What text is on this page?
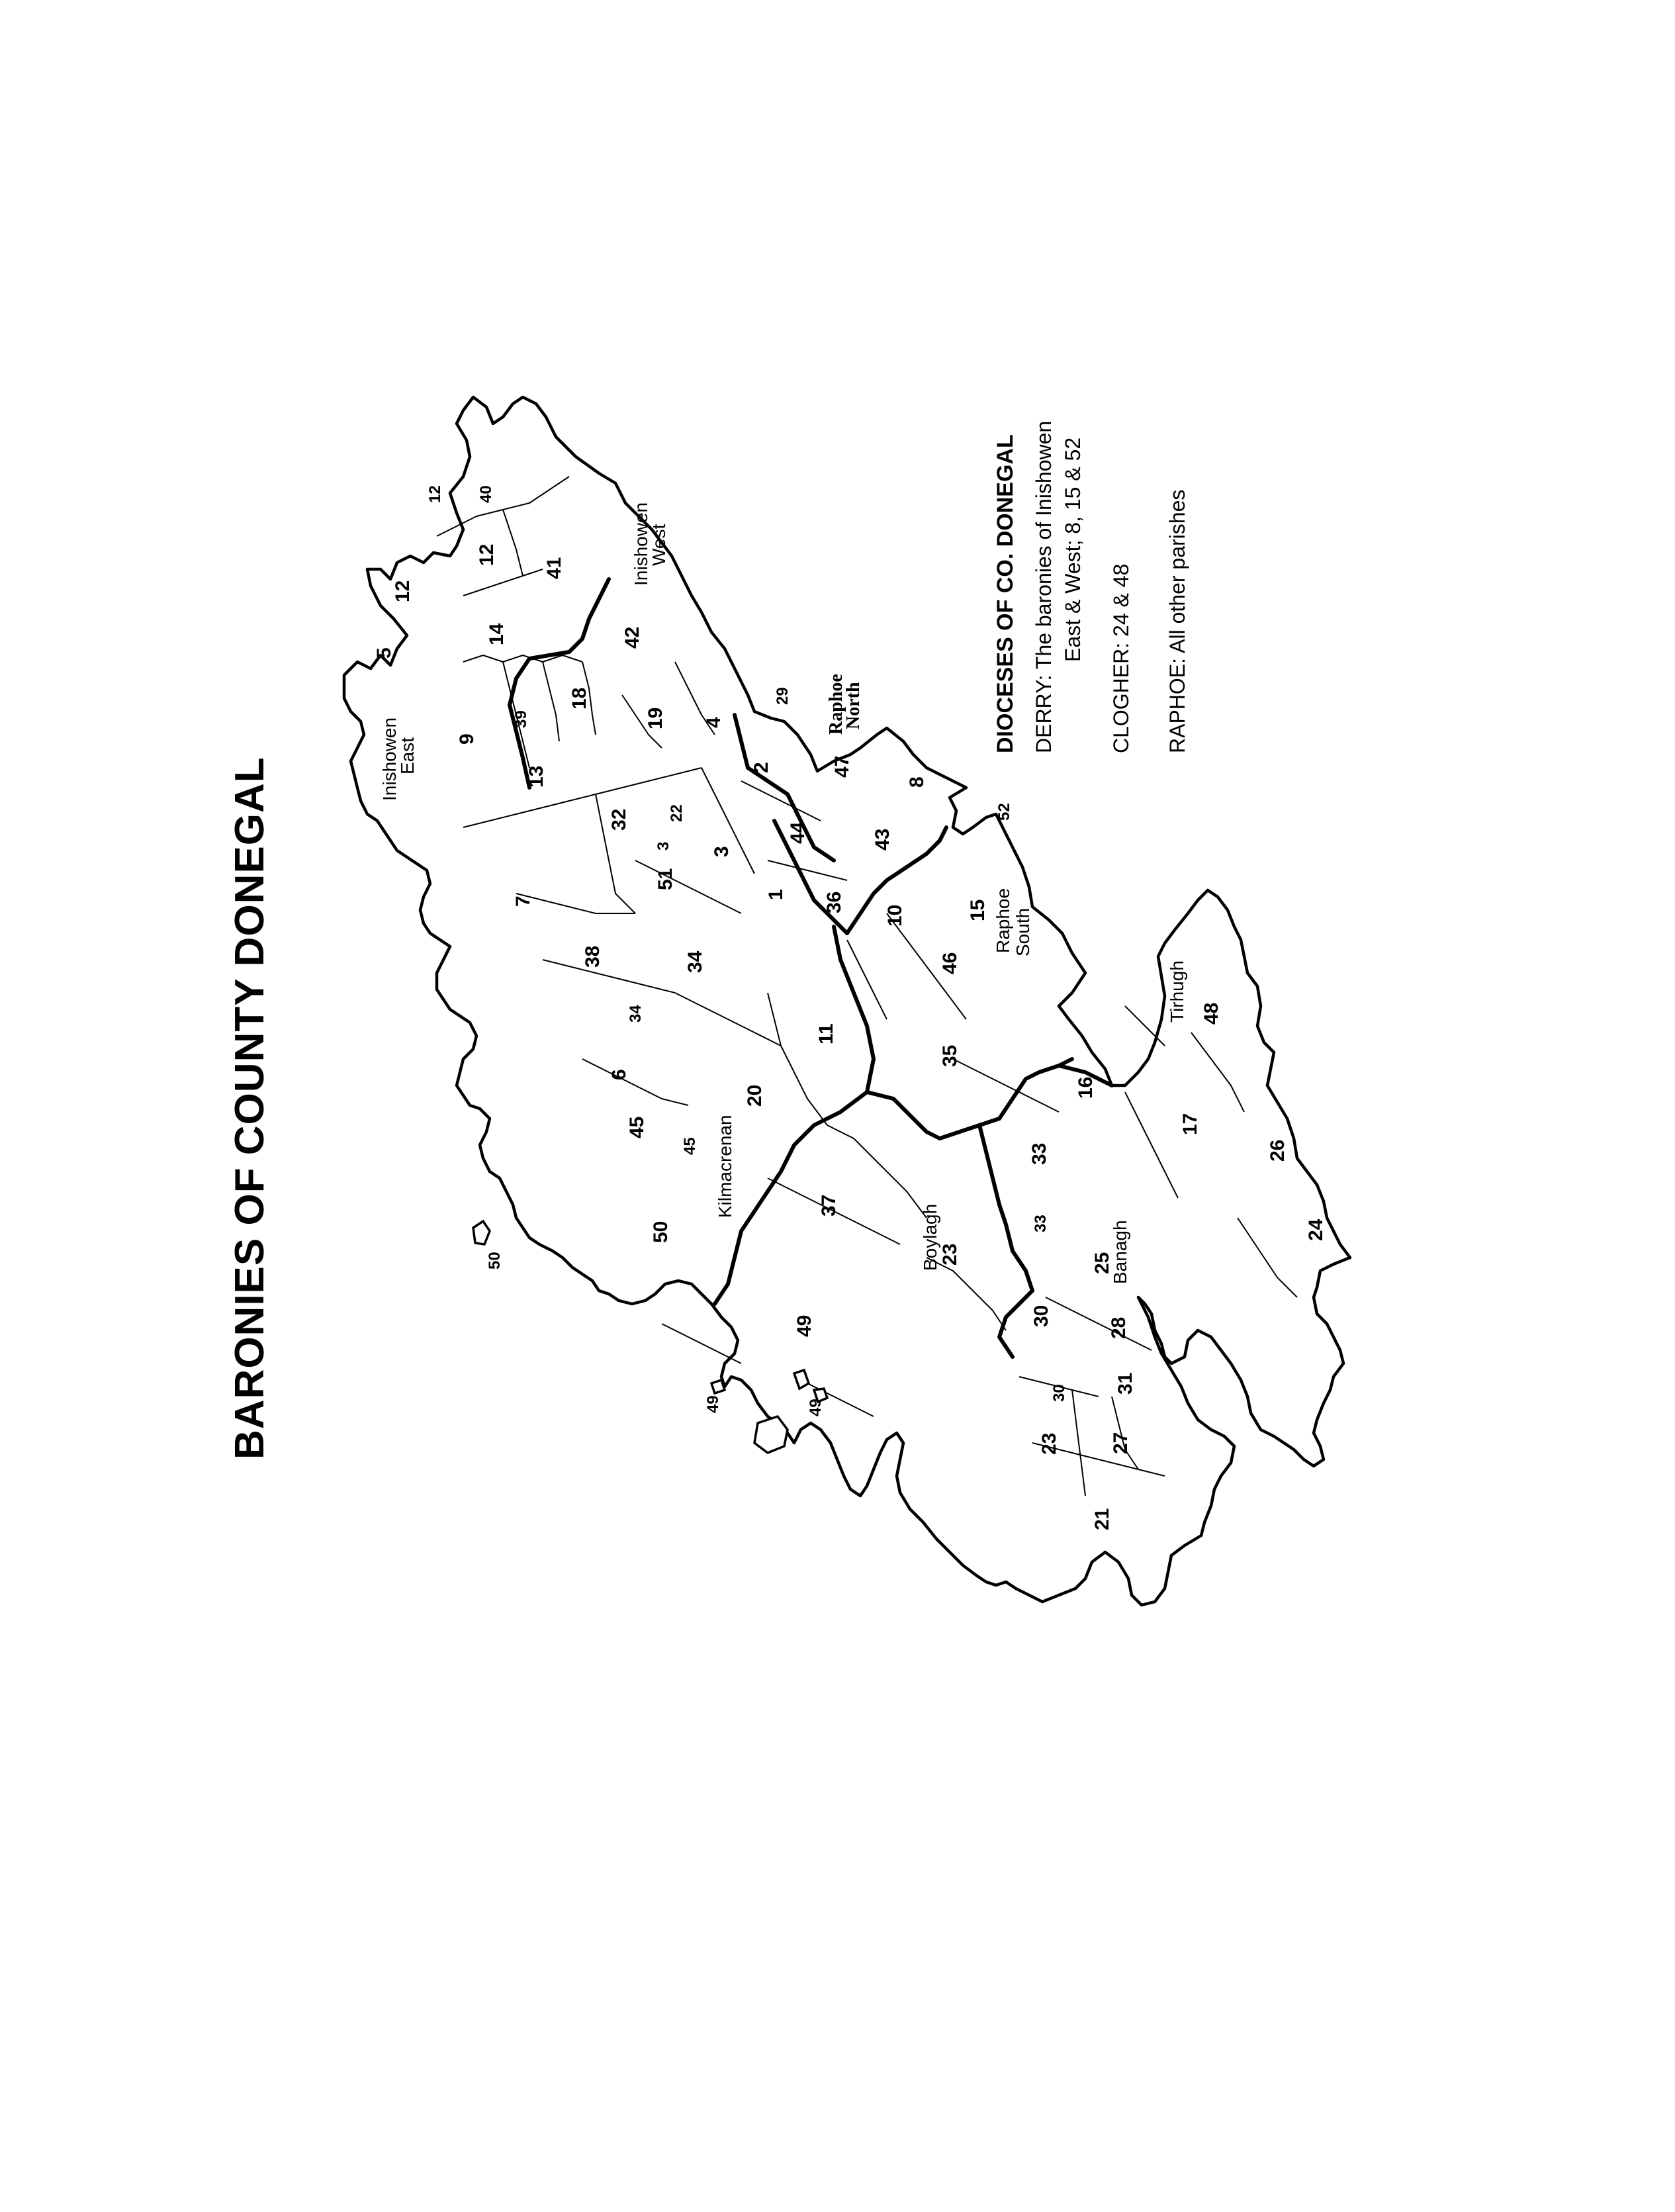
BARONIES OF COUNTY DONEGAL	1
2
3
3
4
5
6
7
8
9
10
11
12
12
12
13
14
15
16
17
18
19
20
21
22
23
23
24
25
26
27
28
29
30
30 31
32
33
33
34
34
35
36
37
38
39
40
41
42
43
44
45
45
46
47
48
49
49	49
50
50
51
52
Inishowen
East
Inishowen
West
Raphoe
North
Raphoe South
Kilmacrenan
Boylagh	Banagh
Tirhugh
DIOCESES OF CO. DONEGAL DERRY: The baronies of Inishowen East & West; 8, 15 & 52 CLOGHER: 24 & 48 RAPHOE: All other parishes
